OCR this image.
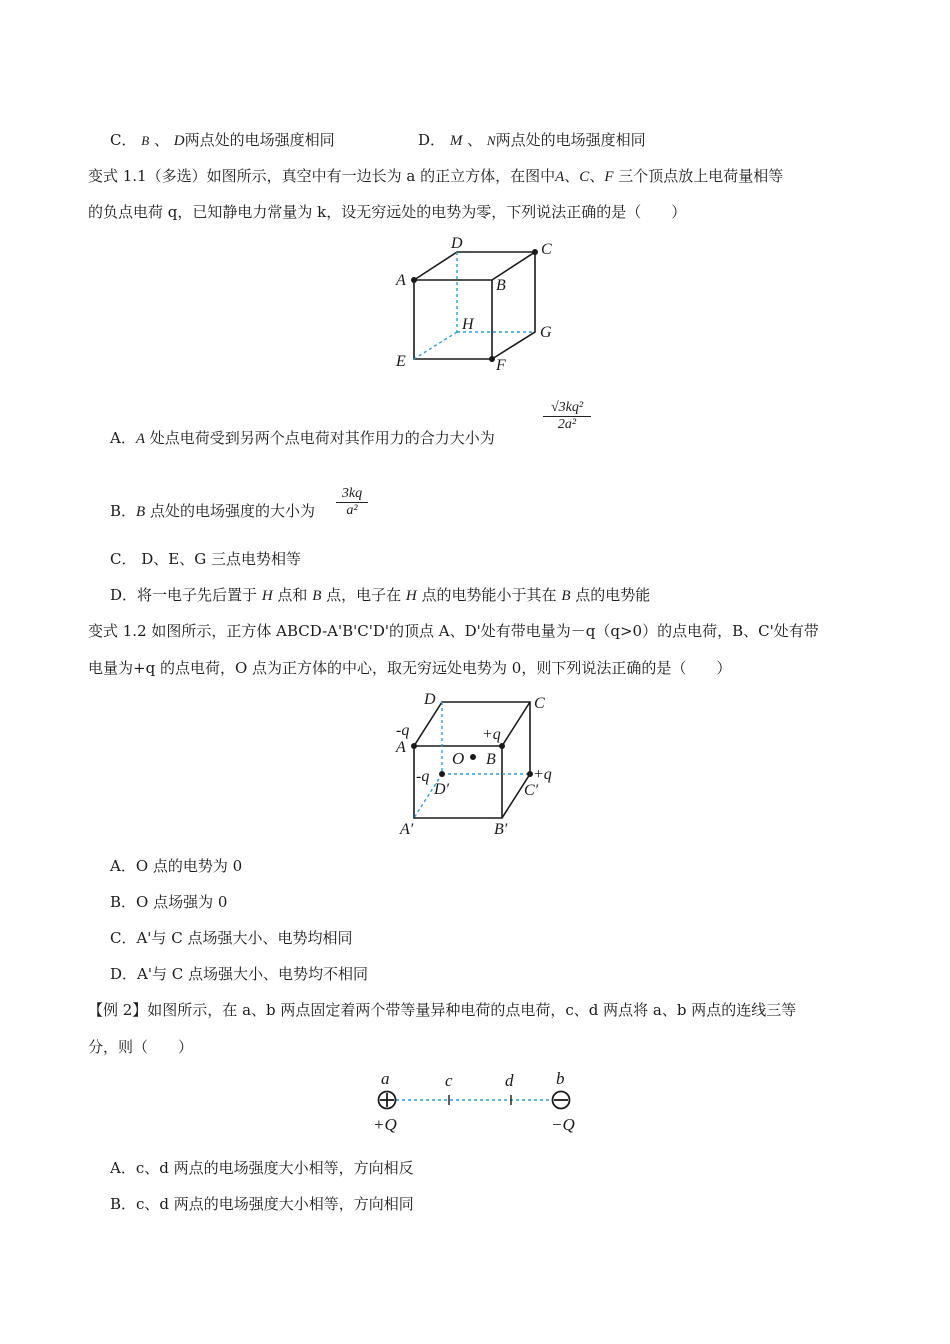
C． B 、 D两点处的电场强度相同	D． M 、 N两点处的电场强度相同
变式 1.1（多选）如图所示，真空中有一边长为 a 的正立方体，在图中A、C、F 三个顶点放上电荷量相等
的负点电荷 q，已知静电力常量为 k，设无穷远处的电势为零，下列说法正确的是（　　）
D	C
A	B
H	G
E	F
A．A 处点电荷受到另两个点电荷对其作用力的合力大小为
√3kq²
2a²
B．B 点处的电场强度的大小为
3kq
a²
C． D、E、G 三点电势相等
D．将一电子先后置于 H 点和 B 点，电子在 H 点的电势能小于其在 B 点的电势能
变式 1.2 如图所示，正方体 ABCD-A'B'C'D'的顶点 A、D'处有带电量为－q（q>0）的点电荷，B、C'处有带
电量为+q 的点电荷，O 点为正方体的中心，取无穷远处电势为 0，则下列说法正确的是（　　）
D	C
-q
A
+q
O B
-q	+q
D′	C′
A′	B′
A．O 点的电势为 0
B．O 点场强为 0
C．A'与 C 点场强大小、电势均相同
D．A'与 C 点场强大小、电势均不相同
【例 2】如图所示，在 a、b 两点固定着两个带等量异种电荷的点电荷，c、d 两点将 a、b 两点的连线三等
分，则（　　）
a	c	d	b
+Q	−Q
A．c、d 两点的电场强度大小相等，方向相反
B．c、d 两点的电场强度大小相等，方向相同
